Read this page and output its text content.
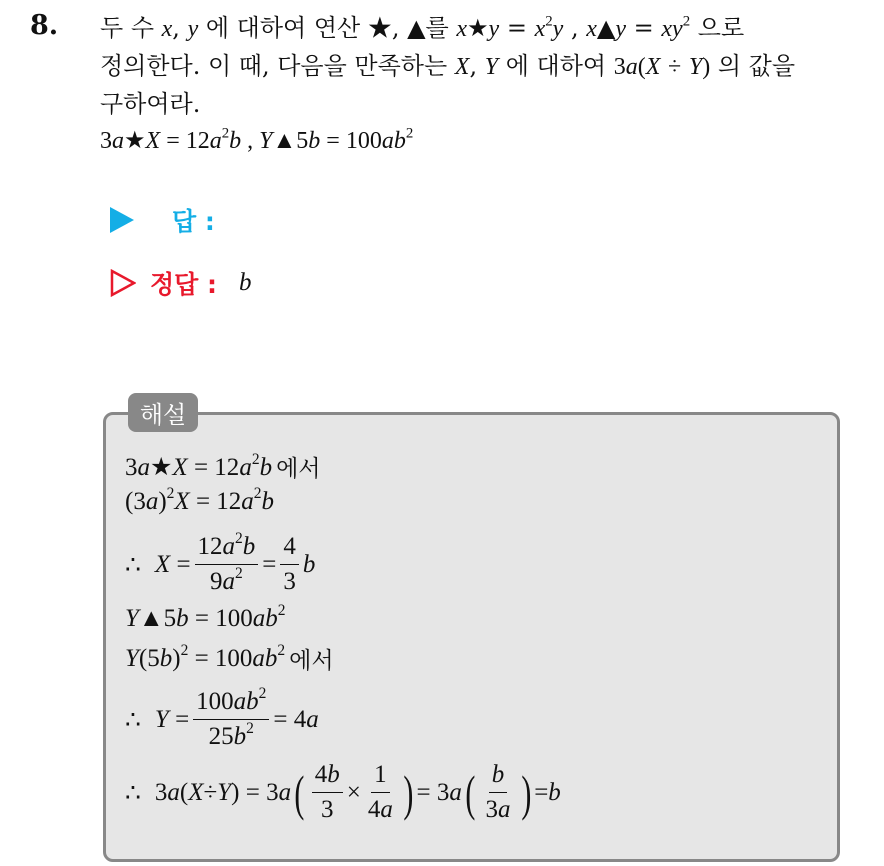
8. 두 수 x, y 에 대하여 연산 ★, ▲를 x★y = $x^2y$ , x▲y = $xy^2$ 으로
정의한다. 이 때, 다음을 만족하는 X, Y 에 대하여 3a(X ÷ Y) 의 값을
구하여라.
3a★X = $12a^2b$ , Y▲5b = $100ab^2$
답 :
정답 : b
해설
3a★X = $12a^2b$ 에서
$(3a)^2X = 12a^2b$
∴ $X = \frac{12a^2b}{9a^2} = \frac{4}{3}$ b
Y▲5b = $100ab^2$
$Y(5b)^2 = 100ab^2$ 에서
∴ $Y = \frac{100ab^2}{25b^2} = 4$ a
∴ 3 a ( X ÷ Y ) = 3 a ( $\frac{4b}{3} \times \frac{1}{4a}$ ) = 3 a ( $\frac{b}{3a}$ ) = b
